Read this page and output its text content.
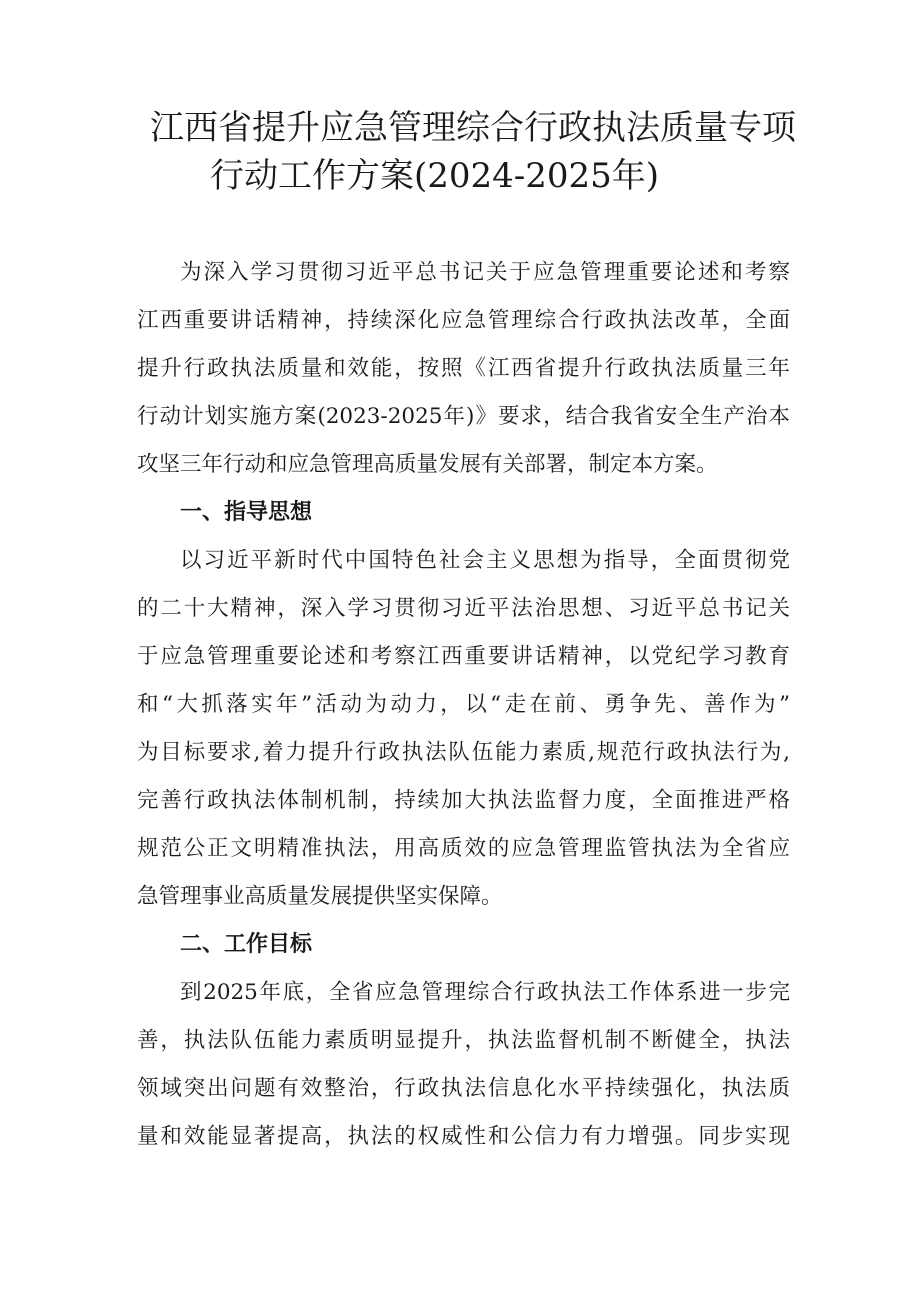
江西省提升应急管理综合行政执法质量专项
行动工作方案(2024-2025年)
为深入学习贯彻习近平总书记关于应急管理重要论述和考察
江西重要讲话精神，持续深化应急管理综合行政执法改革，全面
提升行政执法质量和效能，按照《江西省提升行政执法质量三年
行动计划实施方案(2023-2025年)》要求，结合我省安全生产治本
攻坚三年行动和应急管理高质量发展有关部署，制定本方案。
一、指导思想
以习近平新时代中国特色社会主义思想为指导，全面贯彻党
的二十大精神，深入学习贯彻习近平法治思想、习近平总书记关
于应急管理重要论述和考察江西重要讲话精神，以党纪学习教育
和“大抓落实年”活动为动力，以“走在前、勇争先、善作为”
为目标要求,着力提升行政执法队伍能力素质,规范行政执法行为,
完善行政执法体制机制，持续加大执法监督力度，全面推进严格
规范公正文明精准执法，用高质效的应急管理监管执法为全省应
急管理事业高质量发展提供坚实保障。
二、工作目标
到2025年底，全省应急管理综合行政执法工作体系进一步完
善，执法队伍能力素质明显提升，执法监督机制不断健全，执法
领域突出问题有效整治，行政执法信息化水平持续强化，执法质
量和效能显著提高，执法的权威性和公信力有力增强。同步实现
